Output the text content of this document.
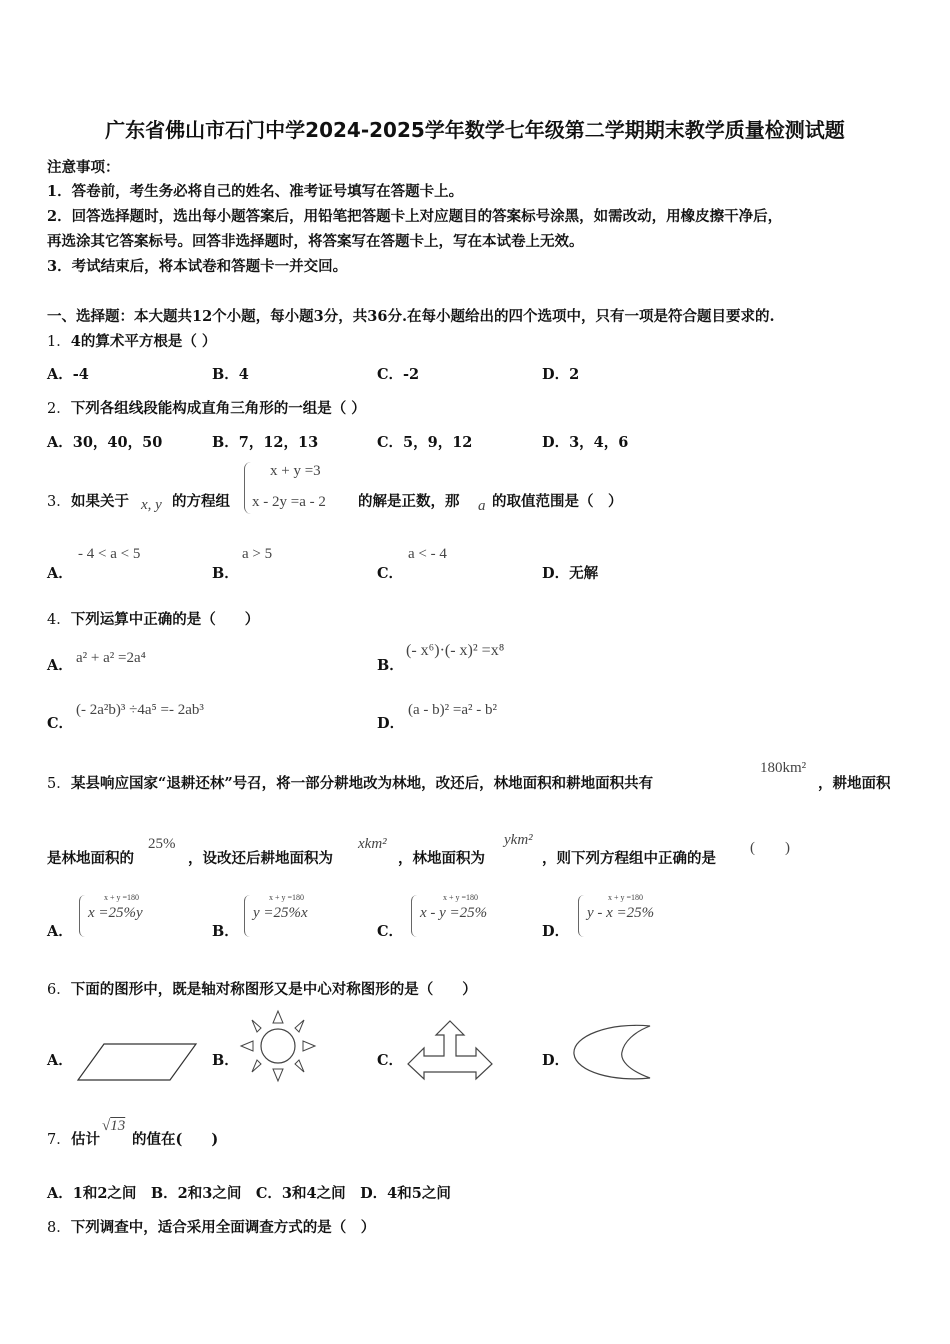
广东省佛山市石门中学2024-2025学年数学七年级第二学期期末教学质量检测试题
注意事项：
1．答卷前，考生务必将自己的姓名、准考证号填写在答题卡上。
2．回答选择题时，选出每小题答案后，用铅笔把答题卡上对应题目的答案标号涂黑，如需改动，用橡皮擦干净后，
再选涂其它答案标号。回答非选择题时，将答案写在答题卡上，写在本试卷上无效。
3．考试结束后，将本试卷和答题卡一并交回。
一、选择题：本大题共12个小题，每小题3分，共36分.在每小题给出的四个选项中，只有一项是符合题目要求的.
1．4的算术平方根是（ ）
A．-4	B．4	C．-2	D．2
2．下列各组线段能构成直角三角形的一组是（ ）
A．30，40，50	B．7，12，13	C．5，9，12	D．3，4，6
3． 如果关于 x, y 的方程组
x + y =3
x - 2y =a - 2 的解是正数，那 a 的取值范围是（　）
A．
- 4 < a < 5
B．
a > 5
C．
a < - 4
D．无解
4．下列运算中正确的是（　　）
A． a² + a² =2a⁴	B．
(- x⁶)·(- x)² =x⁸
C．
(- 2a²b)³ ÷4a⁵ =- 2ab³
D．
(a - b)² =a² - b²
5． 某县响应国家“退耕还林”号召，将一部分耕地改为林地，改还后，林地面积和耕地面积共有
180km²
，耕地面积
是林地面积的
25%
，设改还后耕地面积为
xkm²
，林地面积为
ykm²
，则下列方程组中正确的是
(　　)
A．
x + y =180
x =25%y
B．
x + y =180
y =25%x
C．
x + y =180
x - y =25%
D．
x + y =180
y - x =25%
6．下面的图形中，既是轴对称图形又是中心对称图形的是（　　）
A．	B．	C．	D．
7． 估计
√13
的值在(　　)
A．1和2之间　B．2和3之间　C．3和4之间　D．4和5之间
8．下列调查中，适合采用全面调查方式的是（　）
